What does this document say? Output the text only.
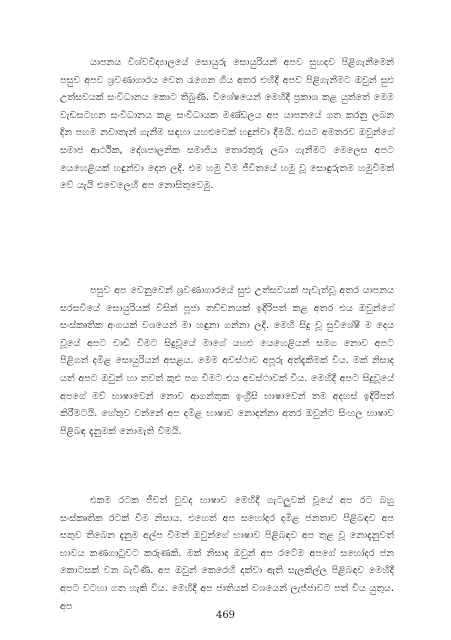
යාපනය විශ්වවිද්‍යාලයේ සොයුරු සොයුරියන් අපව සුහදව පිළිගැනීමෙන් පසුව අපව ශ්‍රවණාගාරය වෙත රැගෙන ගිය අතර එහිදී අපව පිළිගැනීමට ඔවුන් සුළු උත්සවයක් සංවිධානය කොට තිබුණි. විශේෂයෙන් මෙහිදී ප්‍රකාශ කළ යුත්තේ මෙම වැඩසටහන සංවිධානය කළ සංවිධායක මණ්ඩලය අප යාපනයේ ගත කරනු ලබන දින පහම නවාතැන් ගැනීම සඳහා යහළුවෙක් හඳුන්වා දීමයි. එයට අමතරව ඔවුන්ගේ සමාජ ආර්ථික, දේශපාලනික සමාජිය තොරතුරු ලබා ගැනීමට මෙලෙස අපට යෙහෙළියක් හඳුන්වා දෙන ලදි. එම හමු වීම ජීවිතයේ හමු වූ සොඳුරුතම හමුවීමක් වේ යැයි එවෙලෙහි අප නොසිතුවෙමු.

පසුව අප වෙනුවෙන් ශ්‍රවණාගාරයේ සුළු උත්සවයක් පැවැත්වූ අතර යාපනය සරසවියේ සොයුරියක් විසින් පූජා තච්චනයක් ඉදිරිපත් කළ අතර එය ඔවුන්ගේ සංස්කෘතික අංගයක් වශයෙන් මා හඳුනා ගන්නා ලදි. මෙහි සිදු වූ සුවිශේෂී ම දෙය වූයේ අපට වාඩි වීමට සිදුවූයේ මාගේ යහළු යෙහෙළියන් සමග නොව අපට පිළිගත් දමිළ සොයුරියන් අසළය. මෙම අවස්ථාව අපූරු අත්දැකීමක් විය. මක් නිසාද යත් අපට ඔවුන් හා තවත් කුළු පග වීමට එය අවස්ථාවක් විය. මෙහිදී අපට සිදුවූයේ අපගේ මව් භාෂාවෙන් නොව ආගන්තුක ඉංග්‍රීසි භාෂාවෙන් තම අදහස් ඉදිරිපත් කිරීමටයි. හේතුව වන්නේ අප දමිළ භාෂාව නොදන්නා අතර ඔවුන්ට සිංහල භාෂාව පිළිබඳ දැනුමක් නොමැති වීමයි.

එකම රටක ජීවත් වුවද භාෂාව මෙහිදී ගැටලුවක් වූයේ අප රට බහු සංස්කෘතික රටක් වීම නිසාය. එහෙත් අප සහෝදර දමිළ ජනතාව පිළිබඳව අප සතුව තිබෙන දැනුම අල්ප වීමත් ඔවුන්ගේ භාෂාව පිළිබඳව අප තුළ වූ නොදැනුවත් භාවය කණගාටුවට කරුණකි. මක් නිසාද ඔවුන් අප රටේම අපගේ සහෝදර ජන කොටසක් වන බැවිණි. අප ඔවුන් කෙරෙහි දක්වා ඇති සැලකිල්ල පිළිබඳව මෙහිදී අපට වටහා ගත හැකි විය. මෙහිදී අප ජාතියක් වශයෙන් ලැජ්ජාවට පත් විය යුතුය. අප

469
